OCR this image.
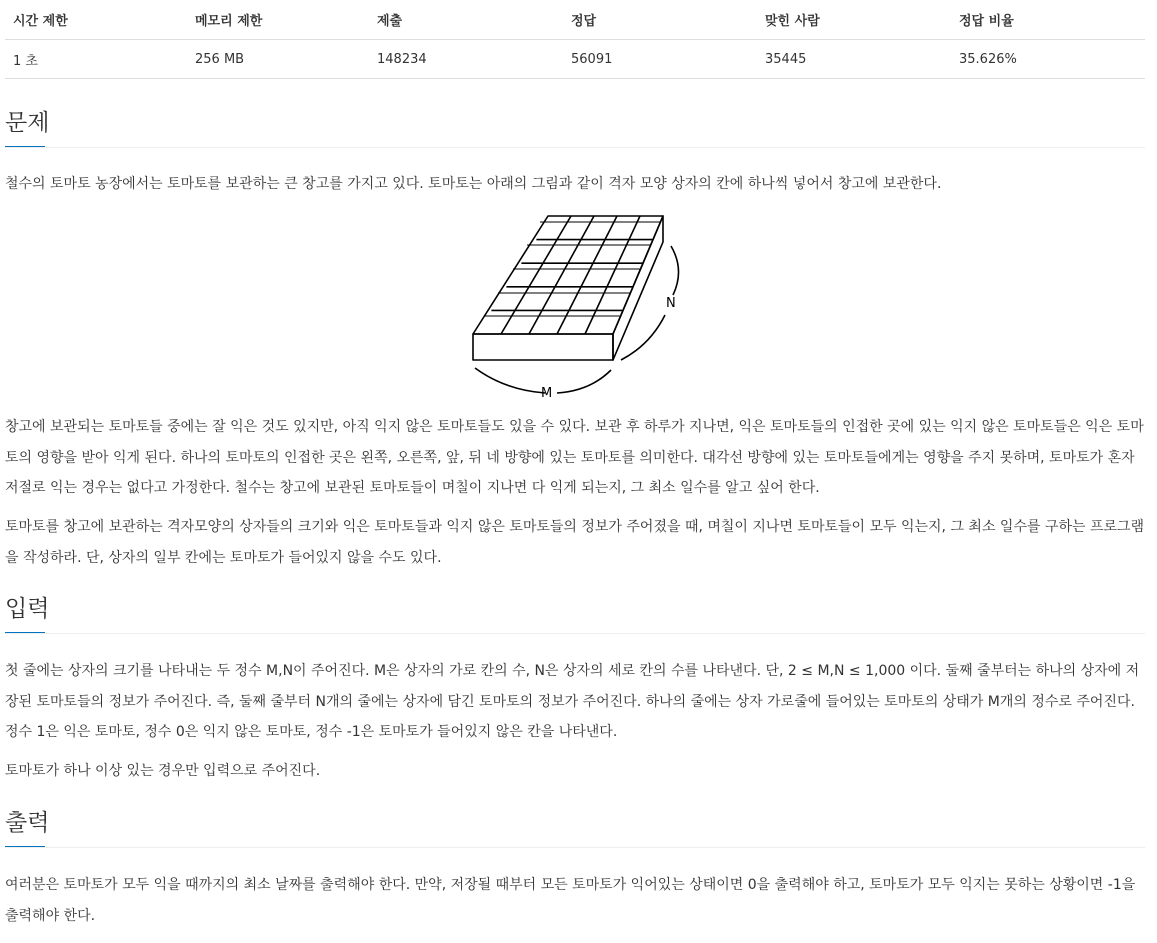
시간 제한	메모리 제한	제출	정답	맞힌 사람	정답 비율
1 초	256 MB	148234	56091	35445	35.626%
문제

철수의 토마토 농장에서는 토마토를 보관하는 큰 창고를 가지고 있다. 토마토는 아래의 그림과 같이 격자 모양 상자의 칸에 하나씩 넣어서 창고에 보관한다.

M
N

창고에 보관되는 토마토들 중에는 잘 익은 것도 있지만, 아직 익지 않은 토마토들도 있을 수 있다. 보관 후 하루가 지나면, 익은 토마토들의 인접한 곳에 있는 익지 않은 토마토들은 익은 토마토의 영향을 받아 익게 된다. 하나의 토마토의 인접한 곳은 왼쪽, 오른쪽, 앞, 뒤 네 방향에 있는 토마토를 의미한다. 대각선 방향에 있는 토마토들에게는 영향을 주지 못하며, 토마토가 혼자 저절로 익는 경우는 없다고 가정한다. 철수는 창고에 보관된 토마토들이 며칠이 지나면 다 익게 되는지, 그 최소 일수를 알고 싶어 한다.

토마토를 창고에 보관하는 격자모양의 상자들의 크기와 익은 토마토들과 익지 않은 토마토들의 정보가 주어졌을 때, 며칠이 지나면 토마토들이 모두 익는지, 그 최소 일수를 구하는 프로그램을 작성하라. 단, 상자의 일부 칸에는 토마토가 들어있지 않을 수도 있다.

입력

첫 줄에는 상자의 크기를 나타내는 두 정수 M,N이 주어진다. M은 상자의 가로 칸의 수, N은 상자의 세로 칸의 수를 나타낸다. 단, 2 ≤ M,N ≤ 1,000 이다. 둘째 줄부터는 하나의 상자에 저장된 토마토들의 정보가 주어진다. 즉, 둘째 줄부터 N개의 줄에는 상자에 담긴 토마토의 정보가 주어진다. 하나의 줄에는 상자 가로줄에 들어있는 토마토의 상태가 M개의 정수로 주어진다. 정수 1은 익은 토마토, 정수 0은 익지 않은 토마토, 정수 -1은 토마토가 들어있지 않은 칸을 나타낸다.

토마토가 하나 이상 있는 경우만 입력으로 주어진다.

출력

여러분은 토마토가 모두 익을 때까지의 최소 날짜를 출력해야 한다. 만약, 저장될 때부터 모든 토마토가 익어있는 상태이면 0을 출력해야 하고, 토마토가 모두 익지는 못하는 상황이면 -1을 출력해야 한다.
